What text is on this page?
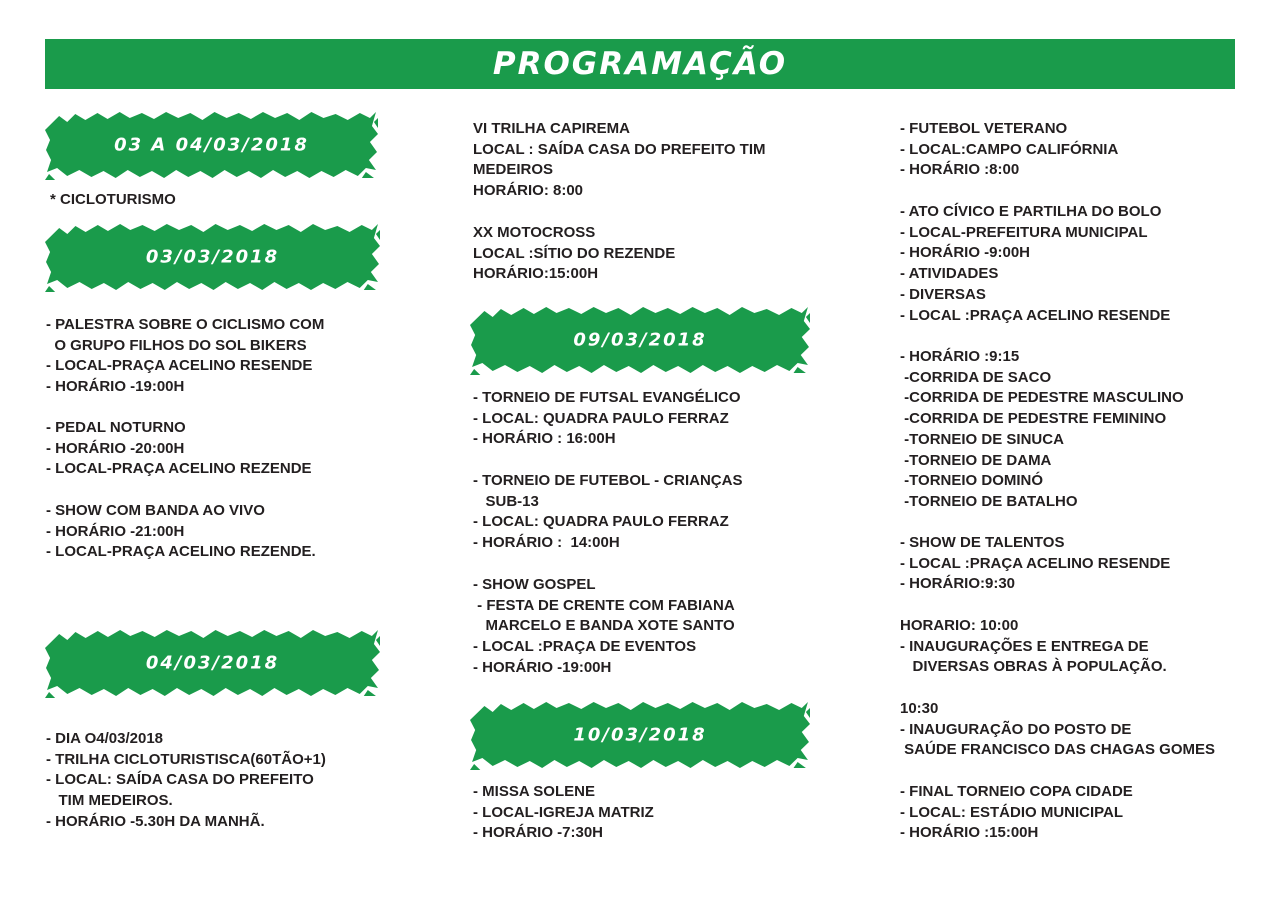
PROGRAMAÇÃO
03 A 04/03/2018
* CICLOTURISMO
03/03/2018
- PALESTRA SOBRE O CICLISMO COM
O GRUPO FILHOS DO SOL BIKERS
- LOCAL-PRAÇA ACELINO RESENDE
- HORÁRIO -19:00H
- PEDAL NOTURNO
- HORÁRIO -20:00H
- LOCAL-PRAÇA ACELINO REZENDE
- SHOW COM BANDA AO VIVO
- HORÁRIO -21:00H
- LOCAL-PRAÇA ACELINO REZENDE.
04/03/2018
- DIA O4/03/2018
- TRILHA CICLOTURISTISCA(60TÃO+1)
- LOCAL: SAÍDA CASA DO PREFEITO
TIM MEDEIROS.
- HORÁRIO -5.30H DA MANHÃ.
VI TRILHA CAPIREMA
LOCAL : SAÍDA CASA DO PREFEITO TIM
MEDEIROS
HORÁRIO: 8:00
XX MOTOCROSS
LOCAL :SÍTIO DO REZENDE
HORÁRIO:15:00H
09/03/2018
- TORNEIO DE FUTSAL EVANGÉLICO
- LOCAL: QUADRA PAULO FERRAZ
- HORÁRIO : 16:00H
- TORNEIO DE FUTEBOL - CRIANÇAS
SUB-13
- LOCAL: QUADRA PAULO FERRAZ
- HORÁRIO :  14:00H
- SHOW GOSPEL
- FESTA DE CRENTE COM FABIANA
MARCELO E BANDA XOTE SANTO
- LOCAL :PRAÇA DE EVENTOS
- HORÁRIO -19:00H
10/03/2018
- MISSA SOLENE
- LOCAL-IGREJA MATRIZ
- HORÁRIO -7:30H
- FUTEBOL VETERANO
- LOCAL:CAMPO CALIFÓRNIA
- HORÁRIO :8:00
- ATO CÍVICO E PARTILHA DO BOLO
- LOCAL-PREFEITURA MUNICIPAL
- HORÁRIO -9:00H
- ATIVIDADES
- DIVERSAS
- LOCAL :PRAÇA ACELINO RESENDE
- HORÁRIO :9:15
-CORRIDA DE SACO
-CORRIDA DE PEDESTRE MASCULINO
-CORRIDA DE PEDESTRE FEMININO
-TORNEIO DE SINUCA
-TORNEIO DE DAMA
-TORNEIO DOMINÓ
-TORNEIO DE BATALHO
- SHOW DE TALENTOS
- LOCAL :PRAÇA ACELINO RESENDE
- HORÁRIO:9:30
HORARIO: 10:00
- INAUGURAÇÕES E ENTREGA DE
DIVERSAS OBRAS À POPULAÇÃO.
10:30
- INAUGURAÇÃO DO POSTO DE
SAÚDE FRANCISCO DAS CHAGAS GOMES
- FINAL TORNEIO COPA CIDADE
- LOCAL: ESTÁDIO MUNICIPAL
- HORÁRIO :15:00H
